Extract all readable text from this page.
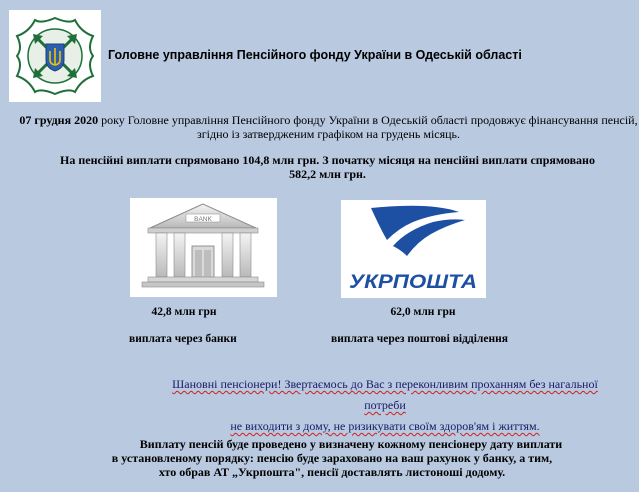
Головне управління Пенсійного фонду України в Одеській області
07 грудня 2020 року Головне управління Пенсійного фонду України в Одеській області продовжує фінансування пенсій,
згідно із затвердженим графіком на грудень місяць.
На пенсійні виплати спрямовано 104,8 млн грн. З початку місяця на пенсійні виплати спрямовано
582,2 млн грн.
BANK
УКРПОШТА
42,8 млн грн	62,0 млн грн
виплата через банки	виплата через поштові відділення
Шановні пенсіонери! Звертаємось до Вас з переконливим проханням без нагальної потреби
не виходити з дому, не ризикувати своїм здоров'ям і життям.
Виплату пенсій буде проведено у визначену кожному пенсіонеру дату виплати
в установленому порядку: пенсію буде зараховано на ваш рахунок у банку, а тим,
хто обрав АТ „Укрпошта", пенсії доставлять листоноші додому.
